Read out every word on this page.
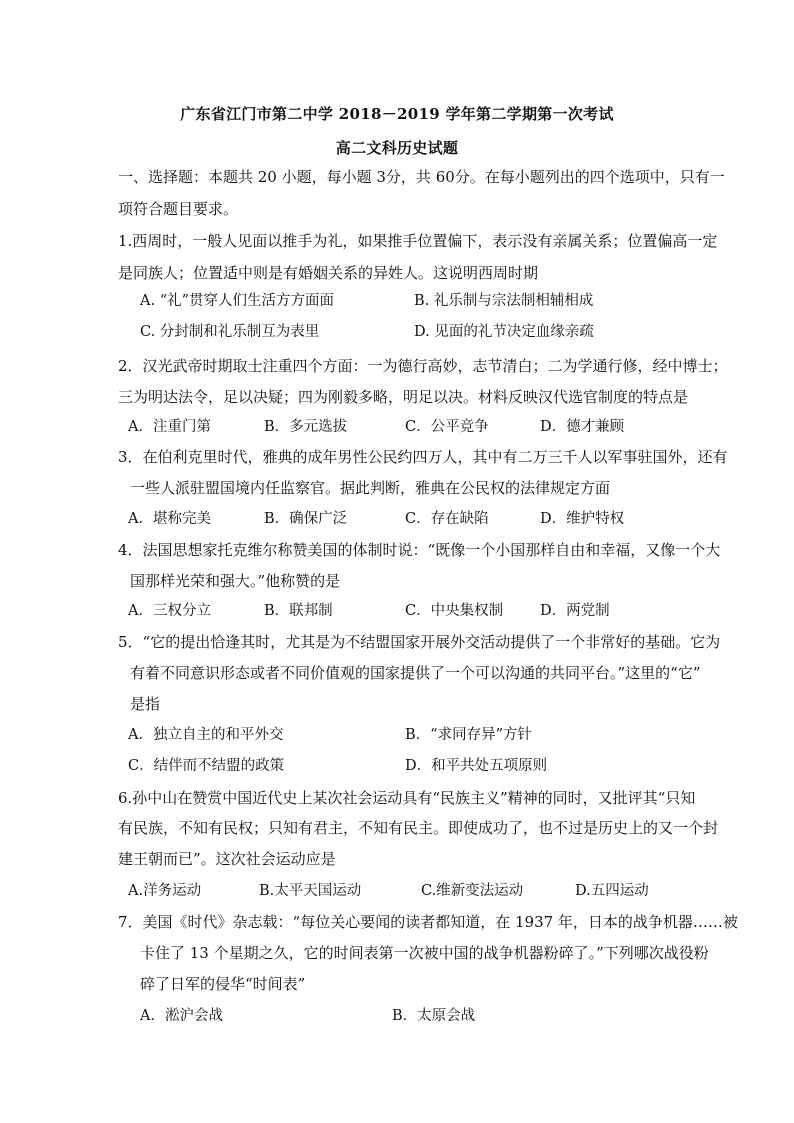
广东省江门市第二中学 2018－2019 学年第二学期第一次考试
高二文科历史试题
一、选择题：本题共 20 小题，每小题 3分，共 60分。在每小题列出的四个选项中，只有一
项符合题目要求。
1.西周时，一般人见面以推手为礼，如果推手位置偏下，表示没有亲属关系；位置偏高一定
是同族人；位置适中则是有婚姻关系的异姓人。这说明西周时期
A. “礼”贯穿人们生活方方面面	B. 礼乐制与宗法制相辅相成
C. 分封制和礼乐制互为表里	D. 见面的礼节决定血缘亲疏
2．汉光武帝时期取士注重四个方面：一为德行高妙，志节清白；二为学通行修，经中博士；
三为明达法令，足以决疑；四为刚毅多略，明足以决。材料反映汉代选官制度的特点是
A．注重门第	B．多元选拔	C．公平竞争	D．德才兼顾
3．在伯利克里时代，雅典的成年男性公民约四万人，其中有二万三千人以军事驻国外，还有
一些人派驻盟国境内任监察官。据此判断，雅典在公民权的法律规定方面
A．堪称完美	B．确保广泛	C．存在缺陷	D．维护特权
4．法国思想家托克维尔称赞美国的体制时说：“既像一个小国那样自由和幸福，又像一个大
国那样光荣和强大。”他称赞的是
A．三权分立	B．联邦制	C．中央集权制	D．两党制
5．“它的提出恰逢其时，尤其是为不结盟国家开展外交活动提供了一个非常好的基础。它为
有着不同意识形态或者不同价值观的国家提供了一个可以沟通的共同平台。”这里的“它”
是指
A．独立自主的和平外交	B．“求同存异”方针
C．结伴而不结盟的政策	D．和平共处五项原则
6.孙中山在赞赏中国近代史上某次社会运动具有“民族主义”精神的同时，又批评其“只知
有民族，不知有民权；只知有君主，不知有民主。即使成功了，也不过是历史上的又一个封
建王朝而已”。这次社会运动应是
A.洋务运动	B.太平天国运动	C.维新变法运动	D.五四运动
7．美国《时代》杂志载：“每位关心要闻的读者都知道，在 1937 年，日本的战争机器……被
卡住了 13 个星期之久，它的时间表第一次被中国的战争机器粉碎了。”下列哪次战役粉
碎了日军的侵华“时间表”
A．淞沪会战	B．太原会战
